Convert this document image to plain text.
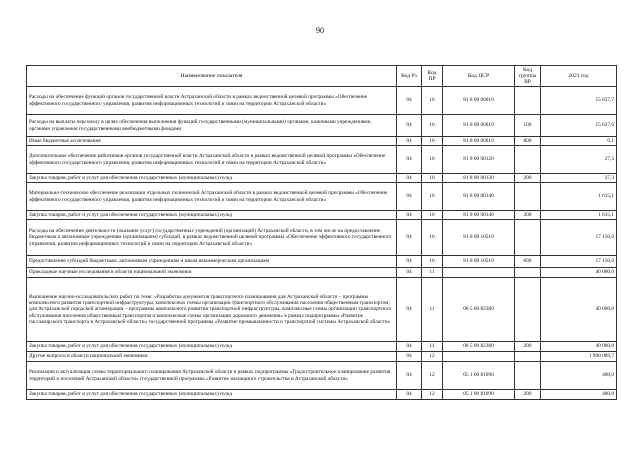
90
Наименование показателя	Код Рз	Код ПР	Код ЦСР	Код группы ВР	2021 год
Расходы на обеспечение функций органов государственной власти Астраханской области в рамках ведомственной целевой программы «Обеспечение эффективного государственного управления, развития информационных технологий и связи на территории Астраханской области»	04	10	81 8 00 00010		15 637,7
Расходы на выплаты персоналу в целях обеспечения выполнения функций государственными (муниципальными) органами, казенными учреждениями, органами управления государственными внебюджетными фондами	04	10	81 8 00 00010	100	15 637,6
Иные бюджетные ассигнования	04	10	81 8 00 00010	800	0,1
Дополнительное обеспечение работников органов государственной власти Астраханской области в рамках ведомственной целевой программы «Обеспечение эффективного государственного управления, развития информационных технологий и связи на территории Астраханской области»	04	10	81 8 00 00120		27,3
Закупка товаров, работ и услуг для обеспечения государственных (муниципальных) нужд	04	10	81 8 00 00120	200	27,3
Материально-техническое обеспечение реализации отдельных полномочий Астраханской области в рамках ведомственной целевой программы «Обеспечение эффективного государственного управления, развития информационных технологий и связи на территории Астраханской области»	04	10	81 8 00 00140		1 615,1
Закупка товаров, работ и услуг для обеспечения государственных (муниципальных) нужд	04	10	81 8 00 00140	200	1 615,1
Расходы на обеспечение деятельности (оказание услуг) государственных учреждений (организаций) Астраханской области, в том числе на предоставление бюджетным и автономным учреждениям (организациям) субсидий, в рамках ведомственной целевой программы «Обеспечение эффективного государственного управления, развития информационных технологий и связи на территории Астраханской области»	04	10	81 8 00 10510		17 150,6
Предоставление субсидий бюджетным, автономным учреждениям и иным некоммерческим организациям	04	10	81 8 00 10510	600	17 150,6
Прикладные научные исследования в области национальной экономики	04	11			40 000,0
Выполнение научно-исследовательских работ по теме: «Разработка документов транспортного планирования для Астраханской области – программы комплексного развития транспортной инфраструктуры, комплексных схемы организации транспортного обслуживания населения общественным транспортом; для Астраханской городской агломерации – программы комплексного развития транспортной инфраструктуры, комплексные схемы организации транспортного обслуживания населения общественным транспортом и комплексные схемы организации дорожного движения» в рамках подпрограммы «Развитие пассажирского транспорта в Астраханской области» государственной программы «Развитие промышленности и транспортной системы Астраханской области»	04	11	08 5 00 82380		40 000,0
Закупка товаров, работ и услуг для обеспечения государственных (муниципальных) нужд	04	11	08 5 00 82380	200	40 000,0
Другие вопросы в области национальной экономики	04	12			1 900 089,7
Реализация и актуализация схемы территориального планирования Астраханской области в рамках подпрограммы «Градостроительное планирование развития территорий и поселений Астраханской области» государственной программы «Развитие жилищного строительства в Астраханской области»	04	12	05 1 00 81090		400,0
Закупка товаров, работ и услуг для обеспечения государственных (муниципальных) нужд	04	12	05 1 00 81090	200	400,0
